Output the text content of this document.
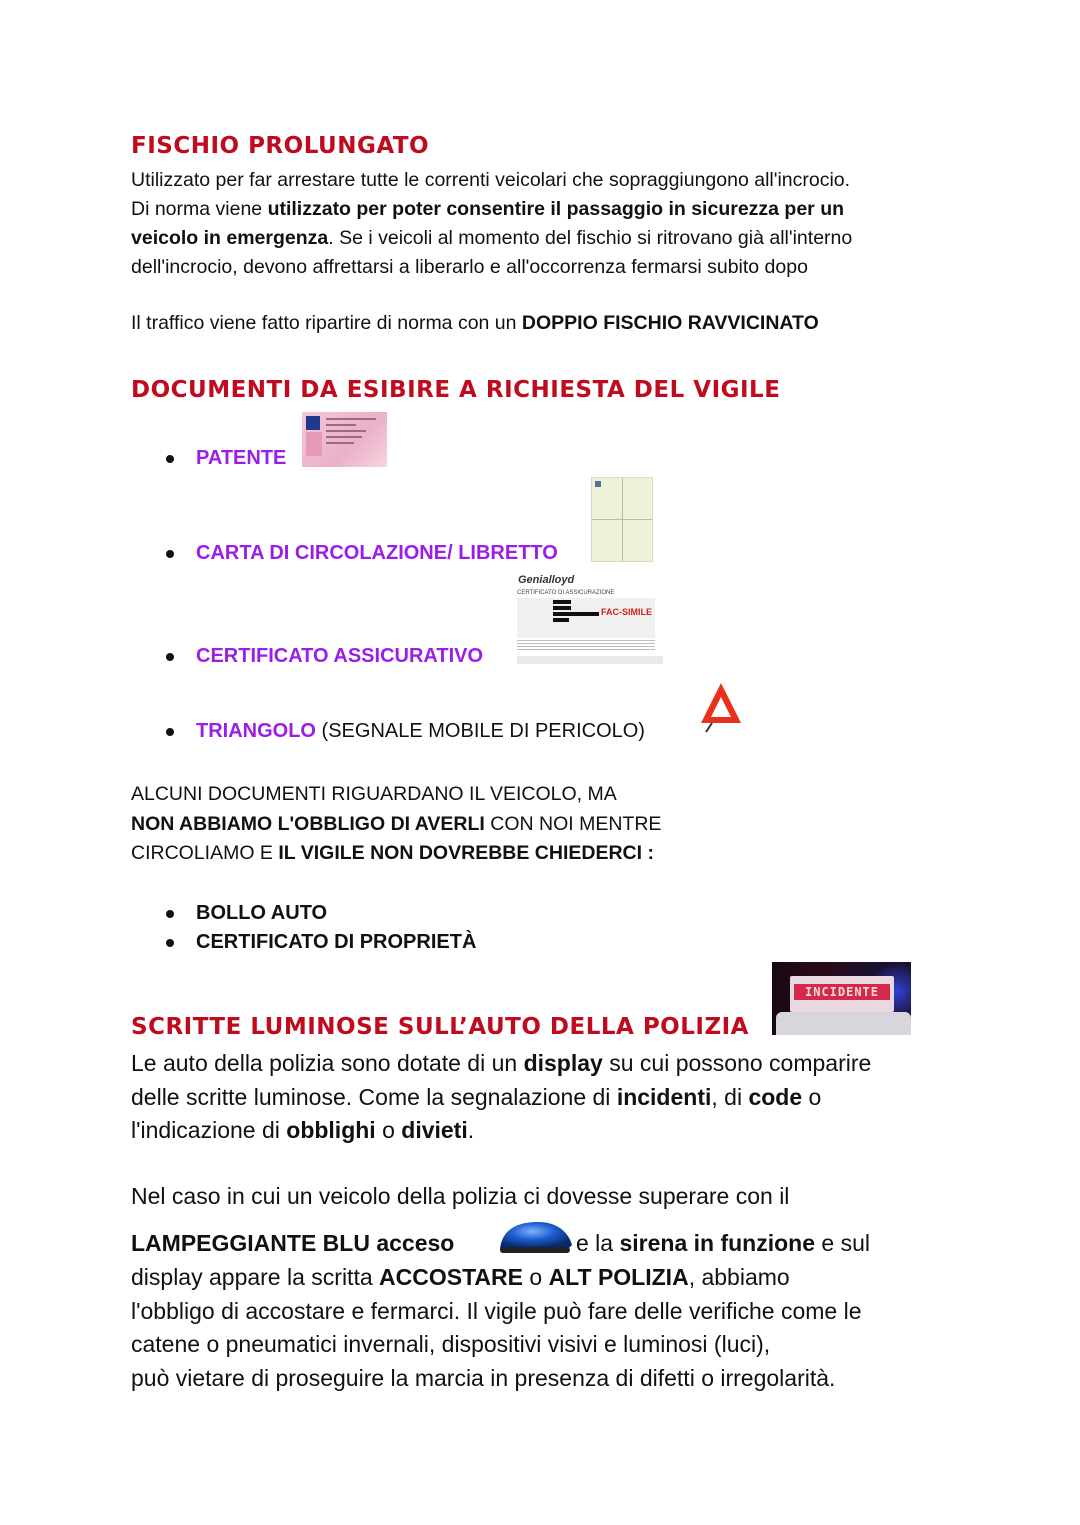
FISCHIO PROLUNGATO
Utilizzato per far arrestare tutte le correnti veicolari che sopraggiungono all'incrocio.
Di norma viene utilizzato per poter consentire il passaggio in sicurezza per un
veicolo in emergenza. Se i veicoli al momento del fischio si ritrovano già all'interno
dell'incrocio, devono affrettarsi a liberarlo e all'occorrenza fermarsi subito dopo
Il traffico viene fatto ripartire di norma con un DOPPIO FISCHIO RAVVICINATO
DOCUMENTI DA ESIBIRE A RICHIESTA DEL VIGILE
PATENTE
CARTA DI CIRCOLAZIONE/ LIBRETTO
CERTIFICATO ASSICURATIVO
Genialloyd
CERTIFICATO DI ASSICURAZIONE
FAC-SIMILE
TRIANGOLO (SEGNALE MOBILE DI PERICOLO)
ALCUNI DOCUMENTI RIGUARDANO IL VEICOLO, MA
NON ABBIAMO L'OBBLIGO DI AVERLI CON NOI MENTRE
CIRCOLIAMO E IL VIGILE NON DOVREBBE CHIEDERCI :
BOLLO AUTO
CERTIFICATO DI PROPRIETÀ
SCRITTE LUMINOSE SULL’AUTO DELLA POLIZIA
INCIDENTE
Le auto della polizia sono dotate di un display su cui possono comparire
delle scritte luminose. Come la segnalazione di incidenti, di code o
l'indicazione di obblighi o divieti.
Nel caso in cui un veicolo della polizia ci dovesse superare con il
LAMPEGGIANTE BLU acceso	e la sirena in funzione e sul
display appare la scritta ACCOSTARE o ALT POLIZIA, abbiamo
l'obbligo di accostare e fermarci. Il vigile può fare delle verifiche come le
catene o pneumatici invernali, dispositivi visivi e luminosi (luci),
può vietare di proseguire la marcia in presenza di difetti o irregolarità.
